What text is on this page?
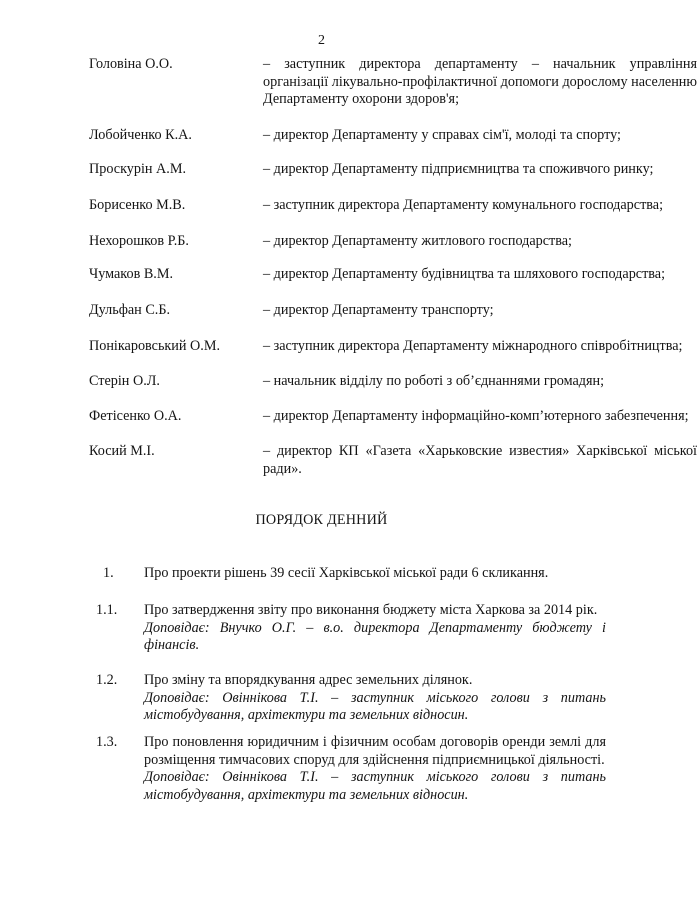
2
Головіна О.О.	– заступник директора департаменту – начальник управління організації лікувально-профілактичної допомоги дорослому населенню Департаменту охорони здоров'я;
Лобойченко К.А.	– директор Департаменту у справах сім'ї, молоді та спорту;
Проскурін А.М.	– директор Департаменту підприємництва та споживчого ринку;
Борисенко М.В.	– заступник директора Департаменту комунального господарства;
Нехорошков Р.Б.	– директор Департаменту житлового господарства;
Чумаков В.М.	– директор Департаменту будівництва та шляхового господарства;
Дульфан С.Б.	– директор Департаменту транспорту;
Понікаровський О.М.	– заступник директора Департаменту міжнародного співробітництва;
Стерін О.Л.	– начальник відділу по роботі з об’єднаннями громадян;
Фетісенко О.А.	– директор Департаменту інформаційно-комп’ютерного забезпечення;
Косий М.І.	– директор КП «Газета «Харьковские известия» Харківської міської ради».
ПОРЯДОК ДЕННИЙ
1.	Про проекти рішень 39 сесії Харківської міської ради 6 скликання.
1.1.	Про затвердження звіту про виконання бюджету міста Харкова за 2014 рік.
Доповідає: Внучко О.Г. – в.о. директора Департаменту бюджету і фінансів.
1.2.	Про зміну та впорядкування адрес земельних ділянок.
Доповідає: Овіннікова Т.І. – заступник міського голови з питань містобудування, архітектури та земельних відносин.
1.3.	Про поновлення юридичним і фізичним особам договорів оренди землі для розміщення тимчасових споруд для здійснення підприємницької діяльності.
Доповідає: Овіннікова Т.І. – заступник міського голови з питань містобудування, архітектури та земельних відносин.
